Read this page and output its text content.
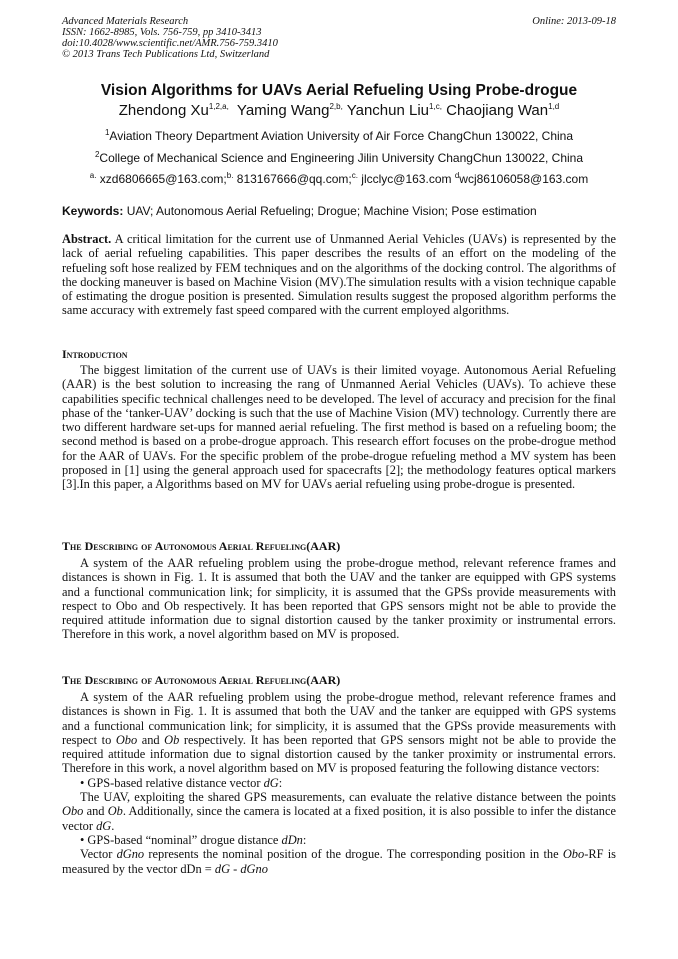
Advanced Materials Research
ISSN: 1662-8985, Vols. 756-759, pp 3410-3413
doi:10.4028/www.scientific.net/AMR.756-759.3410
© 2013 Trans Tech Publications Ltd, Switzerland
Online: 2013-09-18
Vision Algorithms for UAVs Aerial Refueling Using Probe-drogue
Zhendong $Xu^{1,2,a,}$ Yaming Wang$^{2,b,}$ Yanchun Liu$^{1,c,}$ Chaojiang Wan$^{1,d}$
$^1$Aviation Theory Department Aviation University of Air Force ChangChun 130022, China
$^2$College of Mechanical Science and Engineering Jilin University ChangChun 130022, China
$^{a.}$ xzd6806665@163.com;$^{b.}$ 813167666@qq.com;$^{c.}$ jlcclyc@163.com $^d$wcj86106058@163.com
Keywords: UAV; Autonomous Aerial Refueling; Drogue; Machine Vision; Pose estimation

Abstract. A critical limitation for the current use of Unmanned Aerial Vehicles (UAVs) is represented by the lack of aerial refueling capabilities. This paper describes the results of an effort on the modeling of the refueling soft hose realized by FEM techniques and on the algorithms of the docking control. The algorithms of the docking maneuver is based on Machine Vision (MV).The simulation results with a vision technique capable of estimating the drogue position is presented. Simulation results suggest the proposed algorithm performs the same accuracy with extremely fast speed compared with the current employed algorithms.

Introduction

The biggest limitation of the current use of UAVs is their limited voyage. Autonomous Aerial Refueling (AAR) is the best solution to increasing the rang of Unmanned Aerial Vehicles (UAVs). To achieve these capabilities specific technical challenges need to be developed. The level of accuracy and precision for the final phase of the ‘tanker-UAV’ docking is such that the use of Machine Vision (MV) technology. Currently there are two different hardware set-ups for manned aerial refueling. The first method is based on a refueling boom; the second method is based on a probe-drogue approach. This research effort focuses on the probe-drogue method for the AAR of UAVs. For the specific problem of the probe-drogue refueling method a MV system has been proposed in [1] using the general approach used for spacecrafts [2]; the methodology features optical markers [3].In this paper, a Algorithms based on MV for UAVs aerial refueling using probe-drogue is presented.

The Describing of Autonomous Aerial Refueling(AAR)

A system of the AAR refueling problem using the probe-drogue method, relevant reference frames and distances is shown in Fig. 1. It is assumed that both the UAV and the tanker are equipped with GPS systems and a functional communication link; for simplicity, it is assumed that the GPSs provide measurements with respect to Obo and Ob respectively. It has been reported that GPS sensors might not be able to provide the required attitude information due to signal distortion caused by the tanker proximity or instrumental errors. Therefore in this work, a novel algorithm based on MV is proposed.

The Describing of Autonomous Aerial Refueling(AAR)

A system of the AAR refueling problem using the probe-drogue method, relevant reference frames and distances is shown in Fig. 1. It is assumed that both the UAV and the tanker are equipped with GPS systems and a functional communication link; for simplicity, it is assumed that the GPSs provide measurements with respect to Obo and Ob respectively. It has been reported that GPS sensors might not be able to provide the required attitude information due to signal distortion caused by the tanker proximity or instrumental errors. Therefore in this work, a novel algorithm based on MV is proposed featuring the following distance vectors:

• GPS-based relative distance vector dG:

The UAV, exploiting the shared GPS measurements, can evaluate the relative distance between the points Obo and Ob. Additionally, since the camera is located at a fixed position, it is also possible to infer the distance vector dG.

• GPS-based “nominal” drogue distance dDn:

Vector dGno represents the nominal position of the drogue. The corresponding position in the Obo-RF is measured by the vector dDn = dG - dGno
